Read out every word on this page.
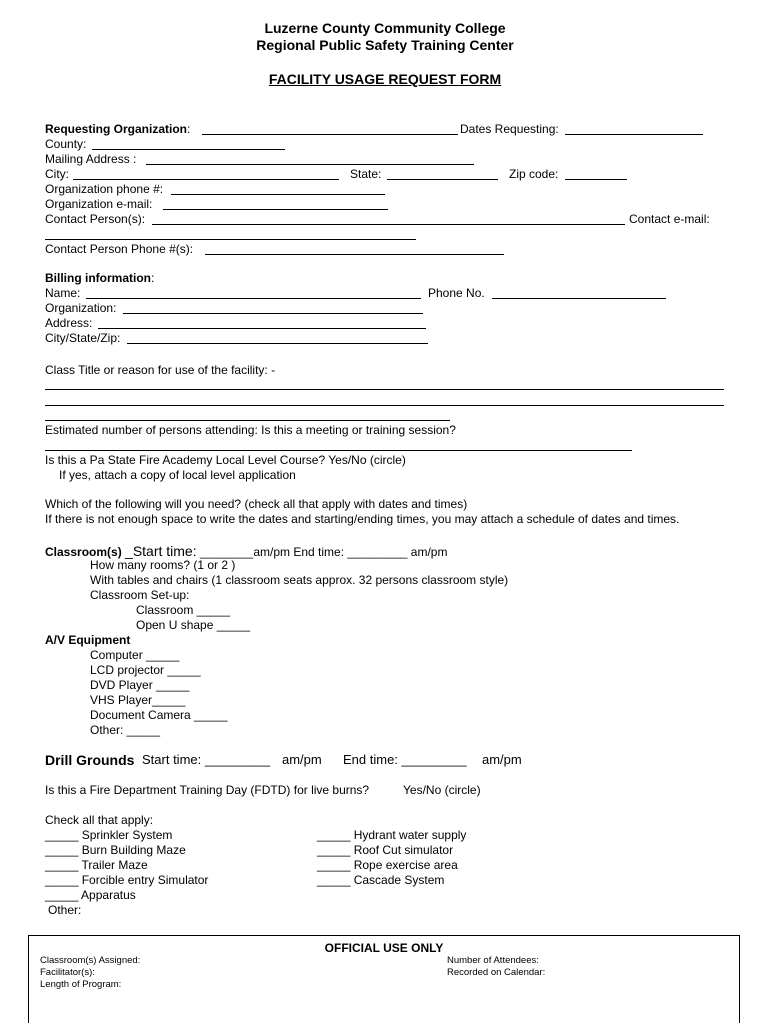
Luzerne County Community College
Regional Public Safety Training Center
FACILITY USAGE REQUEST FORM
Requesting Organization:	Dates Requesting:
County:
Mailing Address :
City:	State:	Zip code:
Organization phone #:
Organization e-mail:
Contact Person(s):	Contact e-mail:
Contact Person Phone #(s):
Billing information:
Name:	Phone No.
Organization:
Address:
City/State/Zip:
Class Title or reason for use of the facility: -
Estimated number of persons attending: Is this a meeting or training session?
Is this a Pa State Fire Academy Local Level Course? Yes/No (circle)
If yes, attach a copy of local level application
Which of the following will you need? (check all that apply with dates and times)
If there is not enough space to write the dates and starting/ending times, you may attach a schedule of dates and times.
Classroom(s) _Start time: ________am/pm End time: _________ am/pm
How many rooms? (1 or 2 )
With tables and chairs (1 classroom seats approx. 32 persons classroom style)
Classroom Set-up:
Classroom _____
Open U shape _____
A/V Equipment
Computer _____
LCD projector _____
DVD Player _____
VHS Player_____
Document Camera _____
Other: _____
Drill Grounds Start time: _________ am/pm End time: _________ am/pm
Is this a Fire Department Training Day (FDTD) for live burns?	Yes/No (circle)
Check all that apply:
_____ Sprinkler System
_____ Burn Building Maze
_____ Trailer Maze
_____ Forcible entry Simulator
_____ Apparatus
_____ Hydrant water supply
_____ Roof Cut simulator
_____ Rope exercise area
_____ Cascade System
Other:
OFFICIAL USE ONLY
Classroom(s) Assigned:
Facilitator(s):
Length of Program:
Number of Attendees:
Recorded on Calendar:
